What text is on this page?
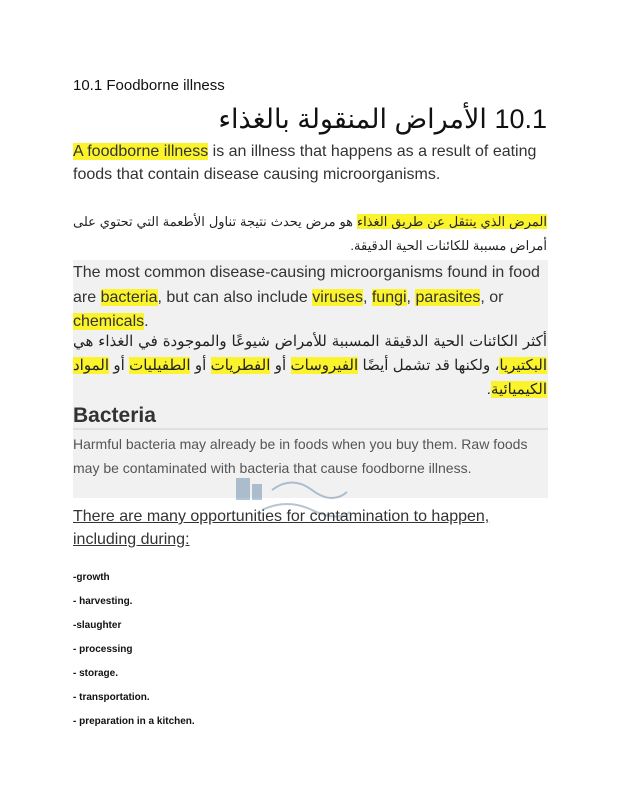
10.1 Foodborne illness
10.1 الأمراض المنقولة بالغذاء
A foodborne illness is an illness that happens as a result of eating foods that contain disease causing microorganisms.
المرض الذي ينتقل عن طريق الغذاء هو مرض يحدث نتيجة تناول الأطعمة التي تحتوي على أمراض مسببة للكائنات الحية الدقيقة.
The most common disease-causing microorganisms found in food are bacteria, but can also include viruses, fungi, parasites, or chemicals.
أكثر الكائنات الحية الدقيقة المسببة للأمراض شيوعًا والموجودة في الغذاء هي البكتيريا، ولكنها قد تشمل أيضًا الفيروسات أو الفطريات أو الطفيليات أو المواد الكيميائية.
Bacteria
Harmful bacteria may already be in foods when you buy them. Raw foods may be contaminated with bacteria that cause foodborne illness.
There are many opportunities for contamination to happen, including during:
-growth
- harvesting.
-slaughter
- processing
- storage.
- transportation.
- preparation in a kitchen.
